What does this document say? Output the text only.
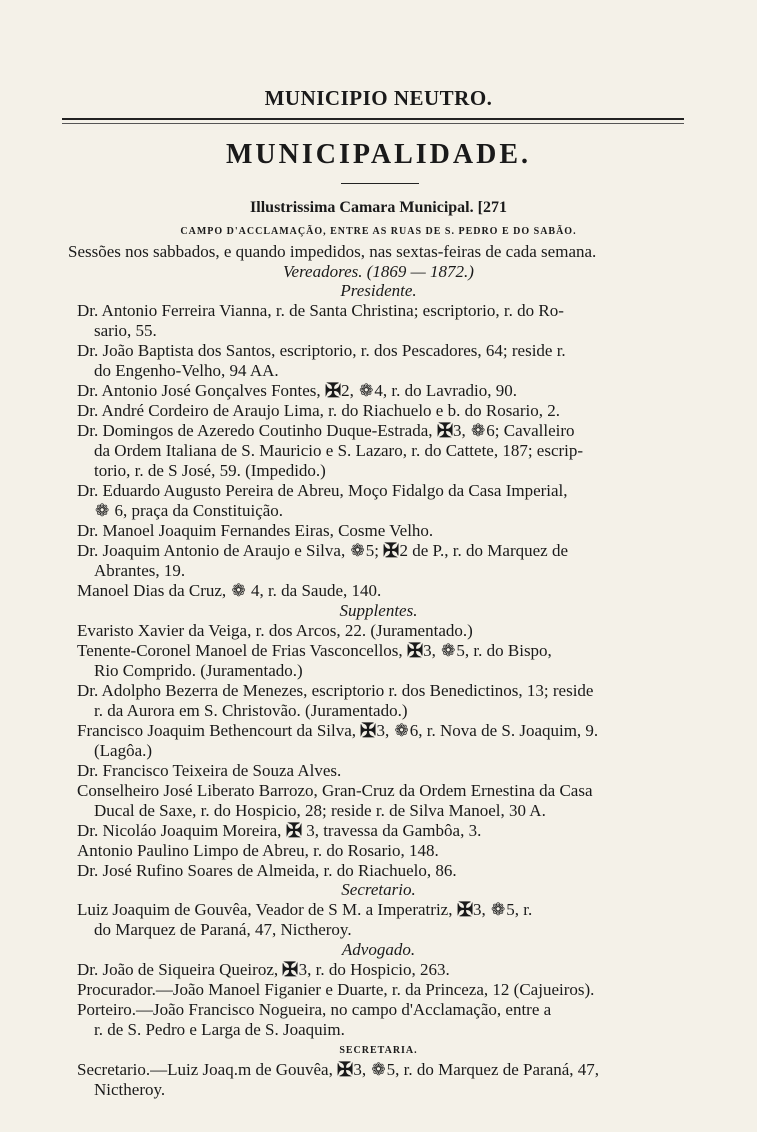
MUNICIPIO NEUTRO.
MUNICIPALIDADE.
Illustrissima Camara Municipal. [271
CAMPO D'ACCLAMAÇÃO, ENTRE AS RUAS DE S. PEDRO E DO SABÃO.
Sessões nos sabbados, e quando impedidos, nas sextas-feiras de cada semana.
Vereadores. (1869 — 1872.)
Presidente.
Dr. Antonio Ferreira Vianna, r. de Santa Christina; escriptorio, r. do Ro-
sario, 55.
Dr. João Baptista dos Santos, escriptorio, r. dos Pescadores, 64; reside r.
do Engenho-Velho, 94 AA.
Dr. Antonio José Gonçalves Fontes, ✠2, ❁4, r. do Lavradio, 90.
Dr. André Cordeiro de Araujo Lima, r. do Riachuelo e b. do Rosario, 2.
Dr. Domingos de Azeredo Coutinho Duque-Estrada, ✠3, ❁6; Cavalleiro
da Ordem Italiana de S. Mauricio e S. Lazaro, r. do Cattete, 187; escrip-
torio, r. de S José, 59. (Impedido.)
Dr. Eduardo Augusto Pereira de Abreu, Moço Fidalgo da Casa Imperial,
❁ 6, praça da Constituição.
Dr. Manoel Joaquim Fernandes Eiras, Cosme Velho.
Dr. Joaquim Antonio de Araujo e Silva, ❁5; ✠2 de P., r. do Marquez de
Abrantes, 19.
Manoel Dias da Cruz, ❁ 4, r. da Saude, 140.
Supplentes.
Evaristo Xavier da Veiga, r. dos Arcos, 22. (Juramentado.)
Tenente-Coronel Manoel de Frias Vasconcellos, ✠3, ❁5, r. do Bispo,
Rio Comprido. (Juramentado.)
Dr. Adolpho Bezerra de Menezes, escriptorio r. dos Benedictinos, 13; reside
r. da Aurora em S. Christovão. (Juramentado.)
Francisco Joaquim Bethencourt da Silva, ✠3, ❁6, r. Nova de S. Joaquim, 9.
(Lagôa.)
Dr. Francisco Teixeira de Souza Alves.
Conselheiro José Liberato Barrozo, Gran-Cruz da Ordem Ernestina da Casa
Ducal de Saxe, r. do Hospicio, 28; reside r. de Silva Manoel, 30 A.
Dr. Nicoláo Joaquim Moreira, ✠ 3, travessa da Gambôa, 3.
Antonio Paulino Limpo de Abreu, r. do Rosario, 148.
Dr. José Rufino Soares de Almeida, r. do Riachuelo, 86.
Secretario.
Luiz Joaquim de Gouvêa, Veador de S M. a Imperatriz, ✠3, ❁5, r.
do Marquez de Paraná, 47, Nictheroy.
Advogado.
Dr. João de Siqueira Queiroz, ✠3, r. do Hospicio, 263.
Procurador.—João Manoel Figanier e Duarte, r. da Princeza, 12 (Cajueiros).
Porteiro.—João Francisco Nogueira, no campo d'Acclamação, entre a
r. de S. Pedro e Larga de S. Joaquim.
SECRETARIA.
Secretario.—Luiz Joaq.m de Gouvêa, ✠3, ❁5, r. do Marquez de Paraná, 47,
Nictheroy.
